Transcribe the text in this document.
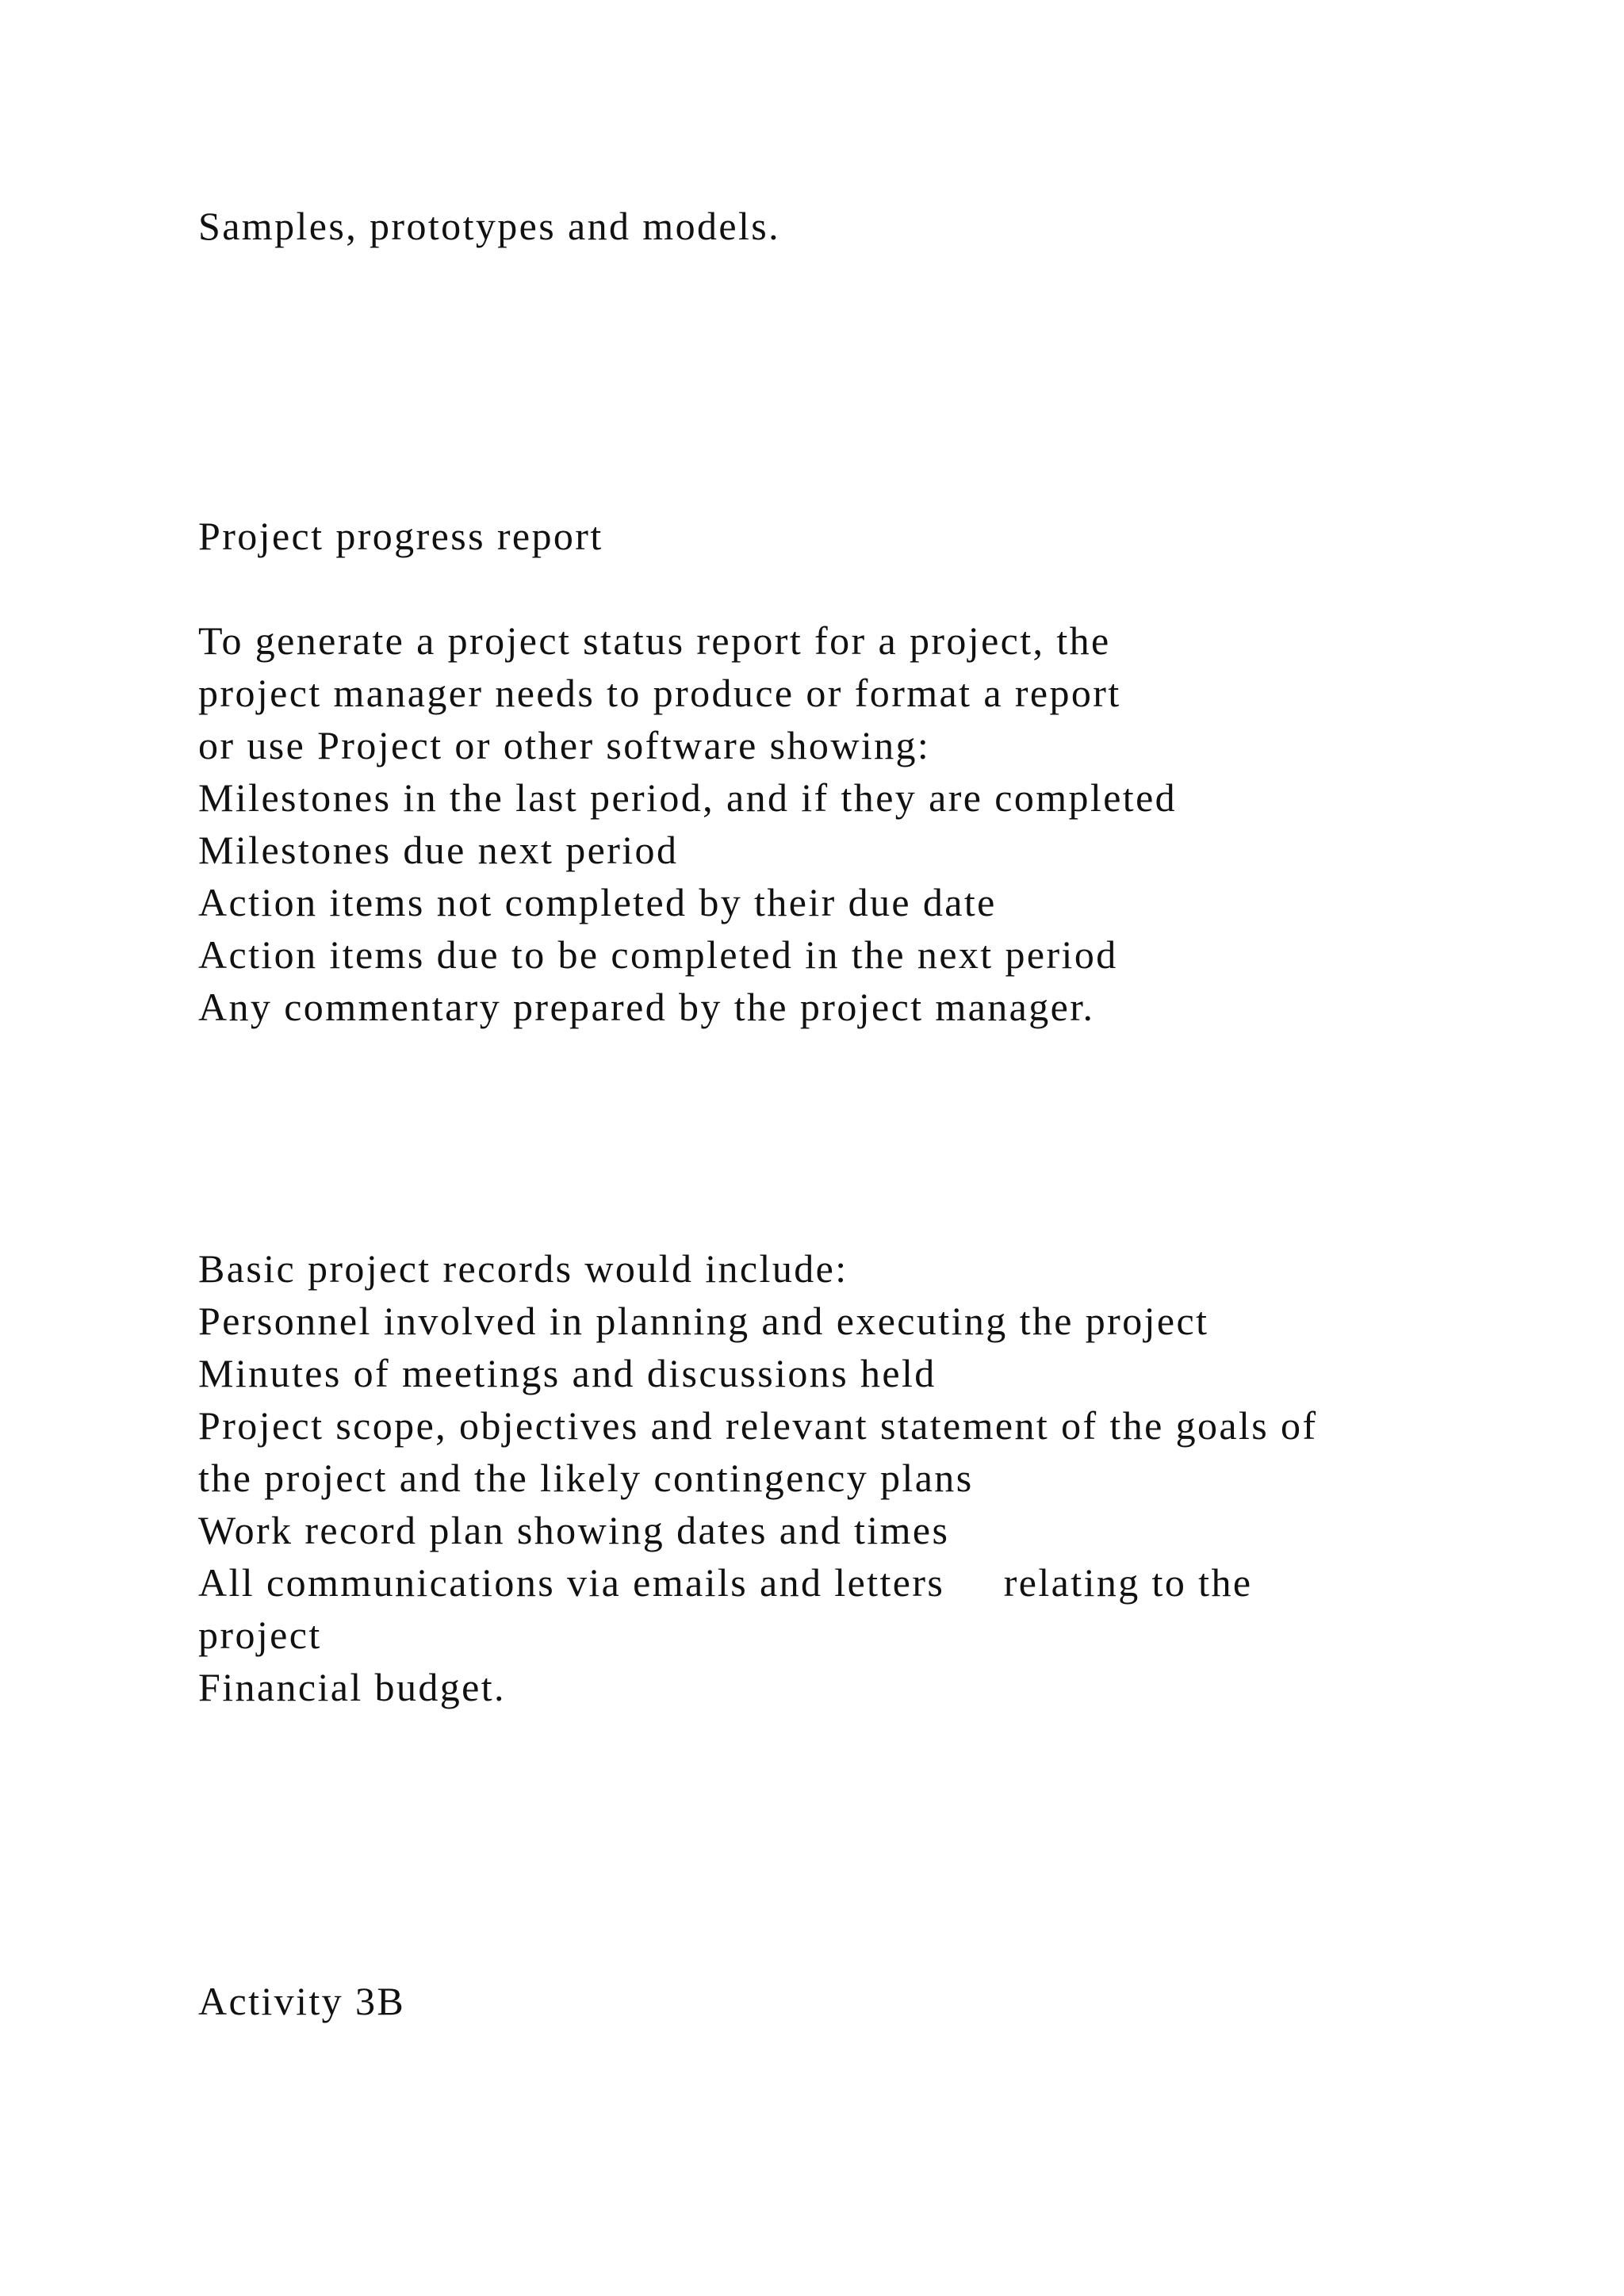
Samples, prototypes and models.

Project progress report

To generate a project status report for a project, the

project manager needs to produce or format a report

or use Project or other software showing:

Milestones in the last period, and if they are completed

Milestones due next period

Action items not completed by their due date

Action items due to be completed in the next period

Any commentary prepared by the project manager.

Basic project records would include:

Personnel involved in planning and executing the project

Minutes of meetings and discussions held

Project scope, objectives and relevant statement of the goals of

the project and the likely contingency plans

Work record plan showing dates and times

All communications via emails and letters     relating to the

project

Financial budget.

Activity 3B
